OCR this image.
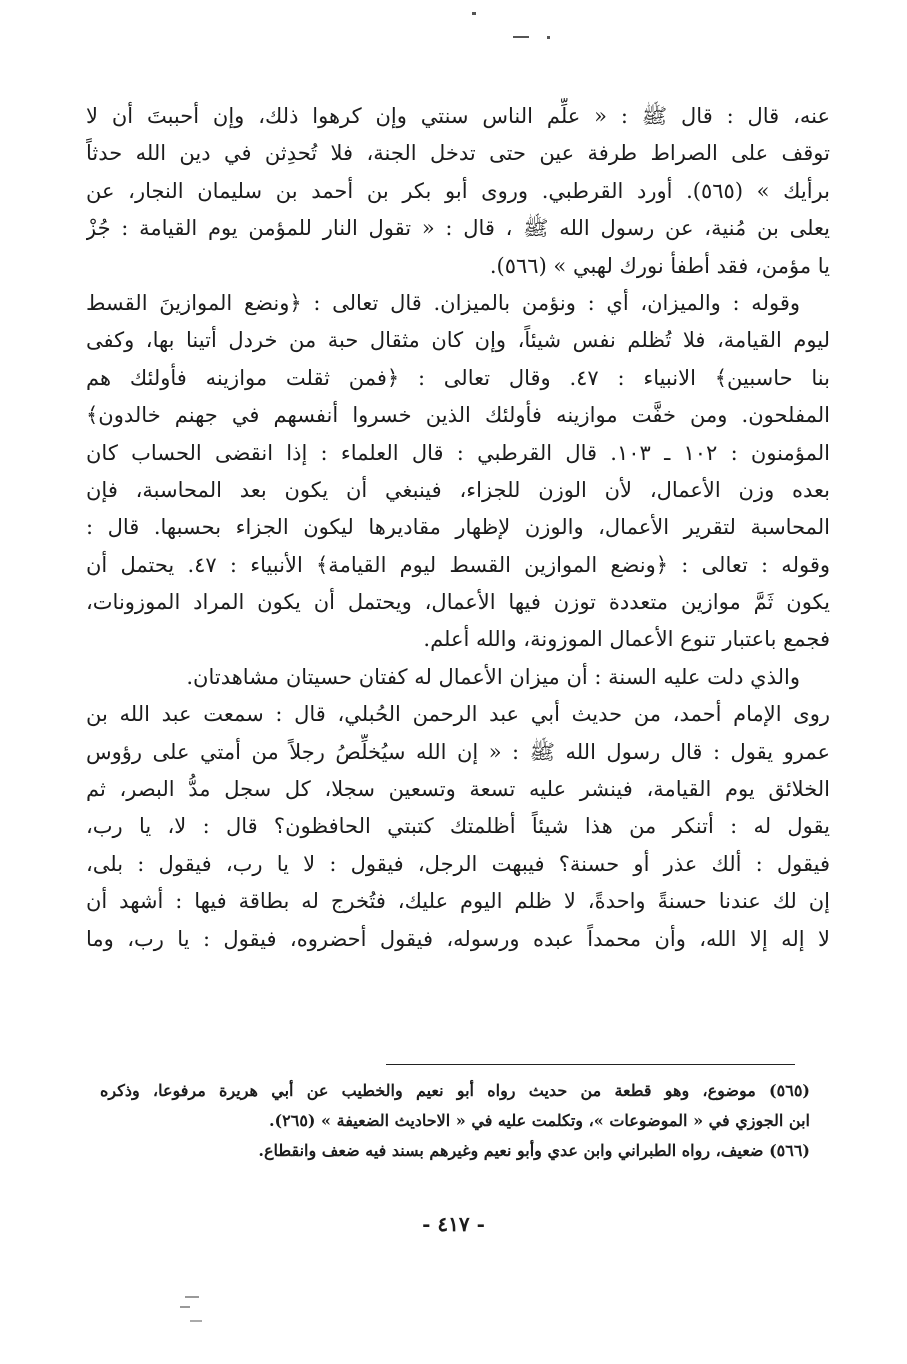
عنه، قال : قال ﷺ : « علِّم الناس سنتي وإن كرهوا ذلك، وإن أحببتَ أن لا
توقف على الصراط طرفة عين حتى تدخل الجنة، فلا تُحدِثن في دين الله حدثاً
برأيك » (٥٦٥). أورد القرطبي. وروى أبو بكر بن أحمد بن سليمان النجار، عن
يعلى بن مُنية، عن رسول الله ﷺ ، قال : « تقول النار للمؤمن يوم القيامة : جُزْ
يا مؤمن، فقد أطفأ نورك لهبي » (٥٦٦).
وقوله : والميزان، أي : ونؤمن بالميزان. قال تعالى : ﴿ونضع الموازينَ القسط
ليوم القيامة، فلا تُظلم نفس شيئاً، وإن كان مثقال حبة من خردل أتينا بها، وكفى
بنا حاسبين﴾ الانبياء : ٤٧. وقال تعالى : ﴿فمن ثقلت موازينه فأولئك هم
المفلحون. ومن خفَّت موازينه فأولئك الذين خسروا أنفسهم في جهنم خالدون﴾
المؤمنون : ١٠٢ ـ ١٠٣. قال القرطبي : قال العلماء : إذا انقضى الحساب كان
بعده وزن الأعمال، لأن الوزن للجزاء، فينبغي أن يكون بعد المحاسبة، فإن
المحاسبة لتقرير الأعمال، والوزن لإظهار مقاديرها ليكون الجزاء بحسبها. قال :
وقوله : تعالى : ﴿ونضع الموازين القسط ليوم القيامة﴾ الأنبياء : ٤٧. يحتمل أن
يكون ثَمَّ موازين متعددة توزن فيها الأعمال، ويحتمل أن يكون المراد الموزونات،
فجمع باعتبار تنوع الأعمال الموزونة، والله أعلم.
والذي دلت عليه السنة : أن ميزان الأعمال له كفتان حسيتان مشاهدتان.
روى الإمام أحمد، من حديث أبي عبد الرحمن الحُبلي، قال : سمعت عبد الله بن
عمرو يقول : قال رسول الله ﷺ : « إن الله سيُخلِّصُ رجلاً من أمتي على رؤوس
الخلائق يوم القيامة، فينشر عليه تسعة وتسعين سجلا، كل سجل مدُّ البصر، ثم
يقول له : أتنكر من هذا شيئاً أظلمتك كتبتي الحافظون؟ قال : لا، يا رب،
فيقول : ألك عذر أو حسنة؟ فيبهت الرجل، فيقول : لا يا رب، فيقول : بلى،
إن لك عندنا حسنةً واحدةً، لا ظلم اليوم عليك، فتُخرج له بطاقة فيها : أشهد أن
لا إله إلا الله، وأن محمداً عبده ورسوله، فيقول أحضروه، فيقول : يا رب، وما
(٥٦٥) موضوع، وهو قطعة من حديث رواه أبو نعيم والخطيب عن أبي هريرة مرفوعا، وذكره
ابن الجوزي في « الموضوعات »، وتكلمت عليه في « الاحاديث الضعيفة » (٢٦٥).
(٥٦٦) ضعيف، رواه الطبراني وابن عدي وأبو نعيم وغيرهم بسند فيه ضعف وانقطاع.
- ٤١٧ -
